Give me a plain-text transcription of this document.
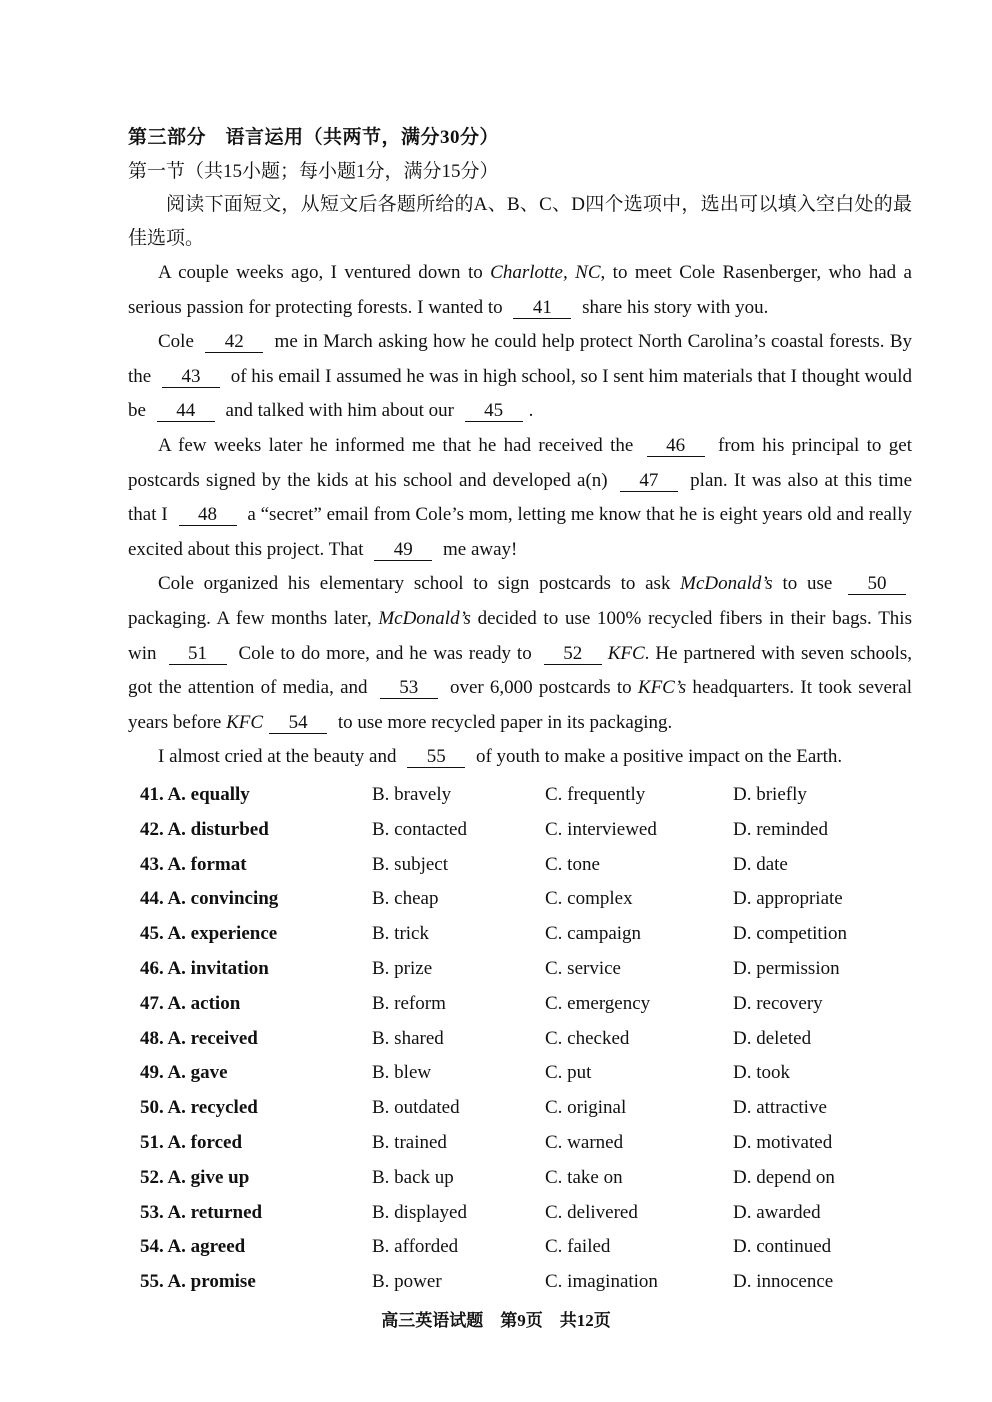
第三部分　语言运用（共两节，满分30分）
第一节（共15小题；每小题1分，满分15分）
阅读下面短文，从短文后各题所给的A、B、C、D四个选项中，选出可以填入空白处的最佳选项。

A couple weeks ago, I ventured down to Charlotte, NC, to meet Cole Rasenberger, who had a serious passion for protecting forests. I wanted to 41 share his story with you.

Cole 42 me in March asking how he could help protect North Carolina’s coastal forests. By the 43 of his email I assumed he was in high school, so I sent him materials that I thought would be 44 and talked with him about our 45 .

A few weeks later he informed me that he had received the 46 from his principal to get postcards signed by the kids at his school and developed a(n) 47 plan. It was also at this time that I 48 a “secret” email from Cole’s mom, letting me know that he is eight years old and really excited about this project. That 49 me away!

Cole organized his elementary school to sign postcards to ask McDonald’s to use 50 packaging. A few months later, McDonald’s decided to use 100% recycled fibers in their bags. This win 51 Cole to do more, and he was ready to 52 KFC. He partnered with seven schools, got the attention of media, and 53 over 6,000 postcards to KFC’s headquarters. It took several years before KFC 54 to use more recycled paper in its packaging.

I almost cried at the beauty and 55 of youth to make a positive impact on the Earth.

41. A. equally	B. bravely	C. frequently	D. briefly
42. A. disturbed	B. contacted	C. interviewed	D. reminded
43. A. format	B. subject	C. tone	D. date
44. A. convincing	B. cheap	C. complex	D. appropriate
45. A. experience	B. trick	C. campaign	D. competition
46. A. invitation	B. prize	C. service	D. permission
47. A. action	B. reform	C. emergency	D. recovery
48. A. received	B. shared	C. checked	D. deleted
49. A. gave	B. blew	C. put	D. took
50. A. recycled	B. outdated	C. original	D. attractive
51. A. forced	B. trained	C. warned	D. motivated
52. A. give up	B. back up	C. take on	D. depend on
53. A. returned	B. displayed	C. delivered	D. awarded
54. A. agreed	B. afforded	C. failed	D. continued
55. A. promise	B. power	C. imagination	D. innocence
高三英语试题　第9页　共12页
